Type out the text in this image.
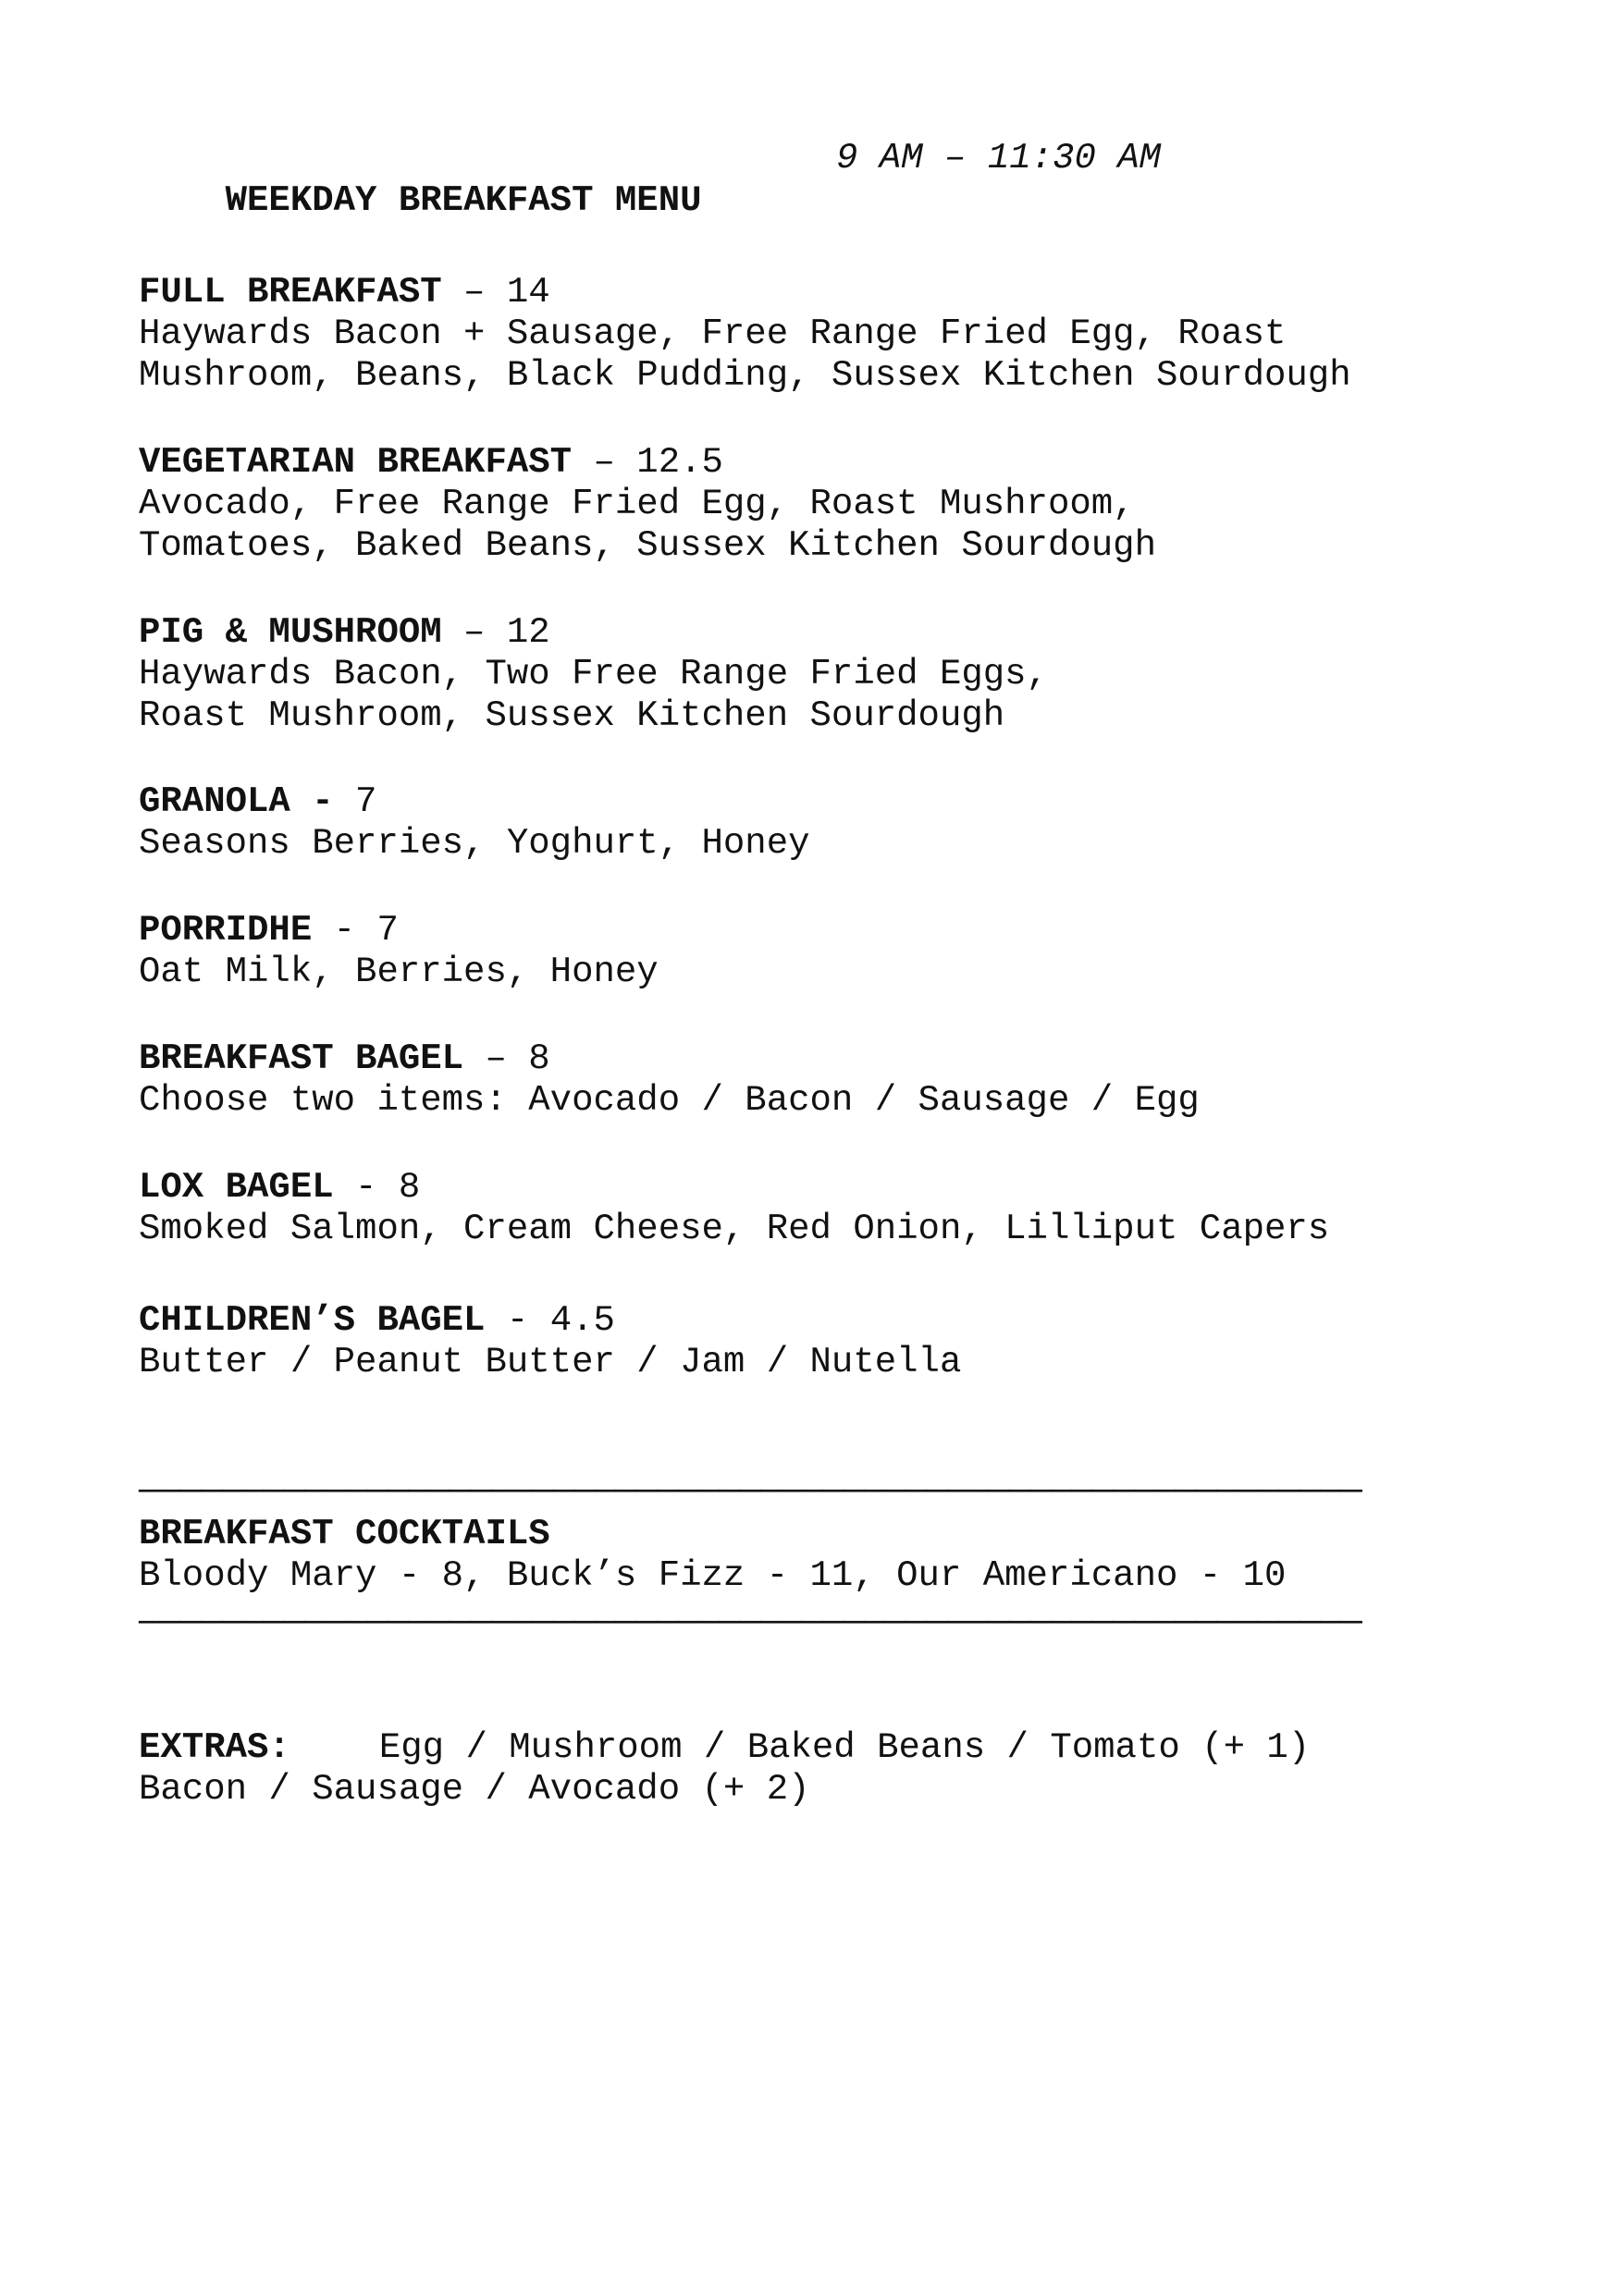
WEEKDAY BREAKFAST MENU

9 AM – 11:30 AM

FULL BREAKFAST – 14
Haywards Bacon + Sausage, Free Range Fried Egg, Roast
Mushroom, Beans, Black Pudding, Sussex Kitchen Sourdough
VEGETARIAN BREAKFAST – 12.5
Avocado, Free Range Fried Egg, Roast Mushroom,
Tomatoes, Baked Beans, Sussex Kitchen Sourdough
PIG & MUSHROOM – 12
Haywards Bacon, Two Free Range Fried Eggs,
Roast Mushroom, Sussex Kitchen Sourdough
GRANOLA - 7
Seasons Berries, Yoghurt, Honey
PORRIDHE - 7
Oat Milk, Berries, Honey
BREAKFAST BAGEL – 8
Choose two items: Avocado / Bacon / Sausage / Egg
LOX BAGEL - 8
Smoked Salmon, Cream Cheese, Red Onion, Lilliput Capers
CHILDREN’S BAGEL - 4.5
Butter / Peanut Butter / Jam / Nutella
———————————————————————————————————————————————————————————
BREAKFAST COCKTAILS
Bloody Mary - 8, Buck’s Fizz - 11, Our Americano - 10
———————————————————————————————————————————————————————————
EXTRAS: Egg / Mushroom / Baked Beans / Tomato (+ 1)
Bacon / Sausage / Avocado (+ 2)
